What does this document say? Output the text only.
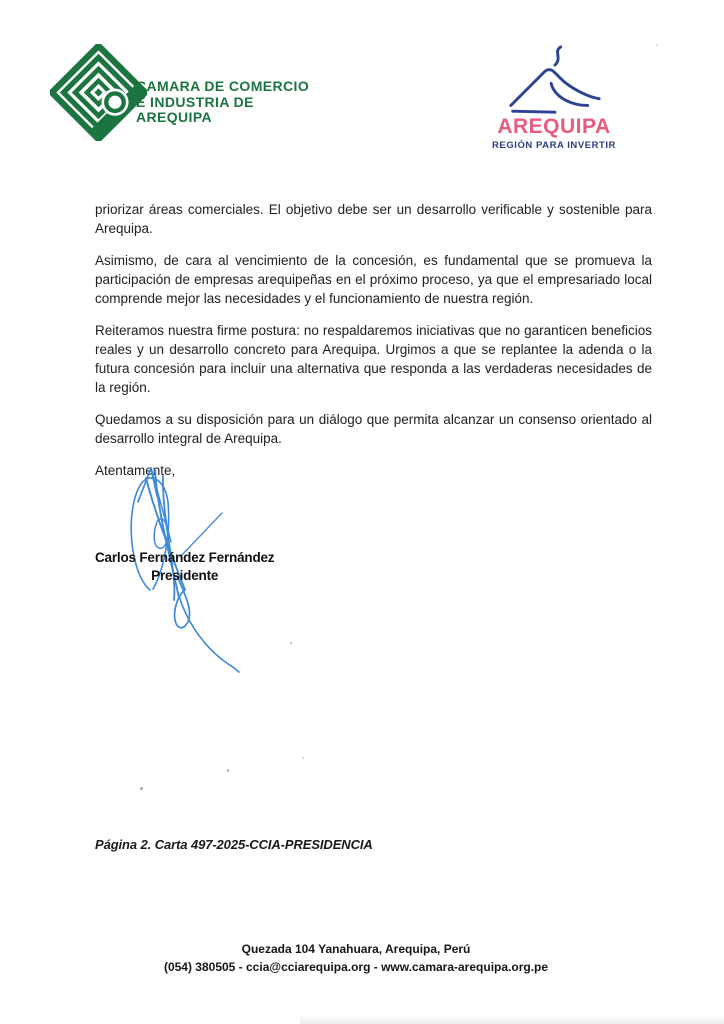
CAMARA DE COMERCIO
E INDUSTRIA DE
AREQUIPA	AREQUIPA
REGIÓN PARA INVERTIR

priorizar áreas comerciales. El objetivo debe ser un desarrollo verificable y sostenible para Arequipa.

Asimismo, de cara al vencimiento de la concesión, es fundamental que se promueva la participación de empresas arequipeñas en el próximo proceso, ya que el empresariado local comprende mejor las necesidades y el funcionamiento de nuestra región.

Reiteramos nuestra firme postura: no respaldaremos iniciativas que no garanticen beneficios reales y un desarrollo concreto para Arequipa. Urgimos a que se replantee la adenda o la futura concesión para incluir una alternativa que responda a las verdaderas necesidades de la región.

Quedamos a su disposición para un diálogo que permita alcanzar un consenso orientado al desarrollo integral de Arequipa.

Atentamente,

Carlos Fernández Fernández
Presidente
Página 2. Carta 497-2025-CCIA-PRESIDENCIA
Quezada 104 Yanahuara, Arequipa, Perú
(054) 380505 - ccia@cciarequipa.org - www.camara-arequipa.org.pe
